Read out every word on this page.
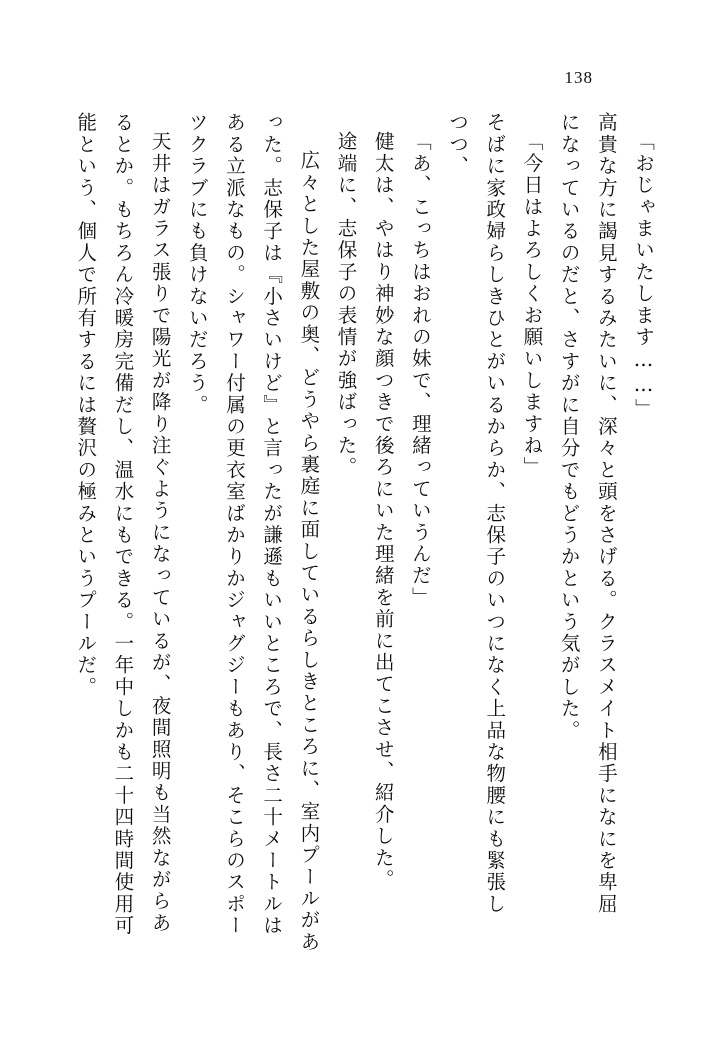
138
「おじゃまいたします……」
高貴な方に謁見するみたいに、深々と頭をさげる。クラスメイト相手になにを卑屈
になっているのだと、さすがに自分でもどうかという気がした。
「今日はよろしくお願いしますね」
そばに家政婦らしきひとがいるからか、志保子のいつになく上品な物腰にも緊張し
つつ、
「あ、こっちはおれの妹で、理緒っていうんだ」
健太は、やはり神妙な顔つきで後ろにいた理緒を前に出てこさせ、紹介した。
途端に、志保子の表情が強ばった。
広々とした屋敷の奥、どうやら裏庭に面しているらしきところに、室内プールがあ
った。志保子は『小さいけど』と言ったが謙遜もいいところで、長さ二十メートルは
ある立派なもの。シャワー付属の更衣室ばかりかジャグジーもあり、そこらのスポー
ツクラブにも負けないだろう。
天井はガラス張りで陽光が降り注ぐようになっているが、夜間照明も当然ながらあ
るとか。もちろん冷暖房完備だし、温水にもできる。一年中しかも二十四時間使用可
能という、個人で所有するには贅沢の極みというプールだ。
